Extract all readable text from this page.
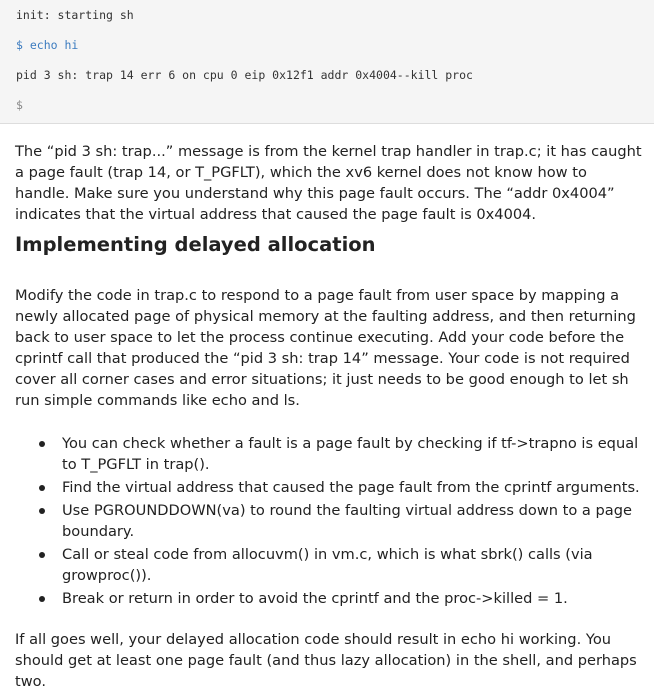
init: starting sh
$ echo hi
pid 3 sh: trap 14 err 6 on cpu 0 eip 0x12f1 addr 0x4004--kill proc
$

The “pid 3 sh: trap...” message is from the kernel trap handler in trap.c; it has caught a page fault (trap 14, or T_PGFLT), which the xv6 kernel does not know how to handle. Make sure you understand why this page fault occurs. The “addr 0x4004” indicates that the virtual address that caused the page fault is 0x4004.

Implementing delayed allocation

Modify the code in trap.c to respond to a page fault from user space by mapping a newly allocated page of physical memory at the faulting address, and then returning back to user space to let the process continue executing. Add your code before the cprintf call that produced the “pid 3 sh: trap 14” message. Your code is not required cover all corner cases and error situations; it just needs to be good enough to let sh run simple commands like echo and ls.

You can check whether a fault is a page fault by checking if tf->trapno is equal to T_PGFLT in trap().
Find the virtual address that caused the page fault from the cprintf arguments.
Use PGROUNDDOWN(va) to round the faulting virtual address down to a page boundary.
Call or steal code from allocuvm() in vm.c, which is what sbrk() calls (via growproc()).
Break or return in order to avoid the cprintf and the proc->killed = 1.

If all goes well, your delayed allocation code should result in echo hi working. You should get at least one page fault (and thus lazy allocation) in the shell, and perhaps two.
